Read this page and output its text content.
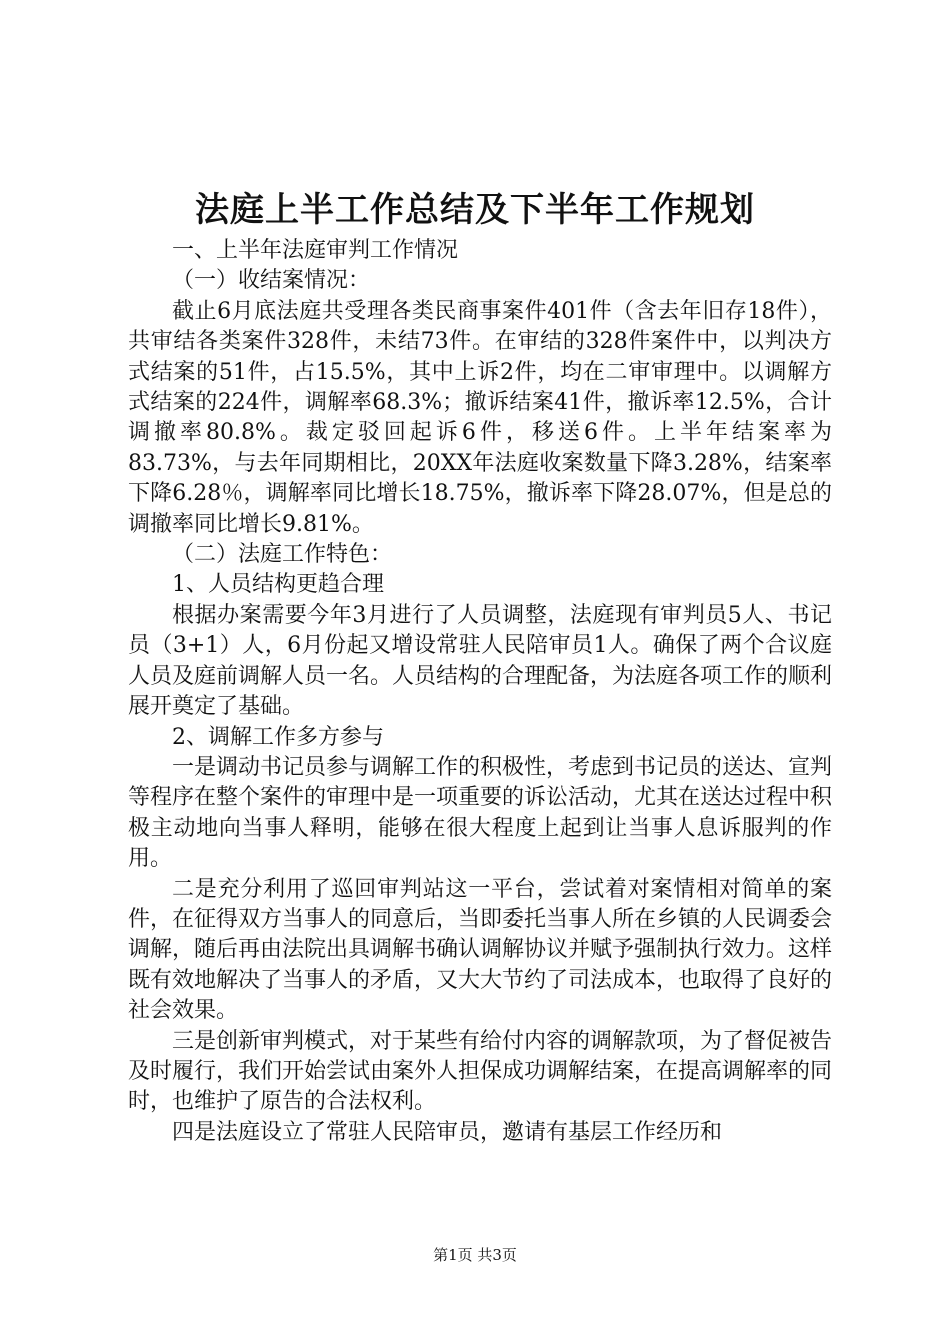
法庭上半工作总结及下半年工作规划

一、上半年法庭审判工作情况

（一）收结案情况：

截止6月底法庭共受理各类民商事案件401件（含去年旧存18件），共审结各类案件328件，未结73件。在审结的328件案件中，以判决方式结案的51件，占15.5%，其中上诉2件，均在二审审理中。以调解方式结案的224件，调解率68.3%；撤诉结案41件，撤诉率12.5%，合计调撤率80.8%。裁定驳回起诉6件，移送6件。上半年结案率为83.73%，与去年同期相比，20XX年法庭收案数量下降3.28%，结案率下降6.28％，调解率同比增长18.75%，撤诉率下降28.07%，但是总的调撤率同比增长9.81%。

（二）法庭工作特色：

1、人员结构更趋合理

根据办案需要今年3月进行了人员调整，法庭现有审判员5人、书记员（3+1）人，6月份起又增设常驻人民陪审员1人。确保了两个合议庭人员及庭前调解人员一名。人员结构的合理配备，为法庭各项工作的顺利展开奠定了基础。

2、调解工作多方参与

一是调动书记员参与调解工作的积极性，考虑到书记员的送达、宣判等程序在整个案件的审理中是一项重要的诉讼活动，尤其在送达过程中积极主动地向当事人释明，能够在很大程度上起到让当事人息诉服判的作用。

二是充分利用了巡回审判站这一平台，尝试着对案情相对简单的案件，在征得双方当事人的同意后，当即委托当事人所在乡镇的人民调委会调解，随后再由法院出具调解书确认调解协议并赋予强制执行效力。这样既有效地解决了当事人的矛盾，又大大节约了司法成本，也取得了良好的社会效果。

三是创新审判模式，对于某些有给付内容的调解款项，为了督促被告及时履行，我们开始尝试由案外人担保成功调解结案，在提高调解率的同时，也维护了原告的合法权利。

四是法庭设立了常驻人民陪审员，邀请有基层工作经历和

第1页 共3页
